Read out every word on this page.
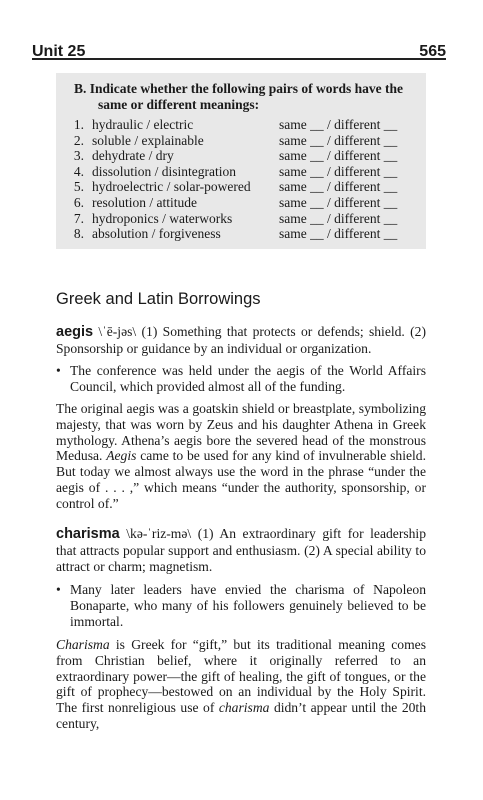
Unit 25	565
B. Indicate whether the following pairs of words have the
same or different meanings:
1. hydraulic / electric	same __ / different __
2. soluble / explainable	same __ / different __
3. dehydrate / dry	same __ / different __
4. dissolution / disintegration	same __ / different __
5. hydroelectric / solar-powered	same __ / different __
6. resolution / attitude	same __ / different __
7. hydroponics / waterworks	same __ / different __
8. absolution / forgiveness	same __ / different __
Greek and Latin Borrowings

aegis \ˈē-jəs\ (1) Something that protects or defends; shield. (2) Sponsorship or guidance by an individual or organization.

• The conference was held under the aegis of the World Affairs Council, which provided almost all of the funding.

The original aegis was a goatskin shield or breastplate, symbolizing majesty, that was worn by Zeus and his daughter Athena in Greek mythology. Athena’s aegis bore the severed head of the monstrous Medusa. Aegis came to be used for any kind of invulnerable shield. But today we almost always use the word in the phrase “under the aegis of . . . ,” which means “under the authority, sponsorship, or control of.”

charisma \kə-ˈriz-mə\ (1) An extraordinary gift for leadership that attracts popular support and enthusiasm. (2) A special ability to attract or charm; magnetism.

• Many later leaders have envied the charisma of Napoleon Bonaparte, who many of his followers genuinely believed to be immortal.

Charisma is Greek for “gift,” but its traditional meaning comes from Christian belief, where it originally referred to an extraordinary power—the gift of healing, the gift of tongues, or the gift of prophecy—bestowed on an individual by the Holy Spirit. The first nonreligious use of charisma didn’t appear until the 20th century,
